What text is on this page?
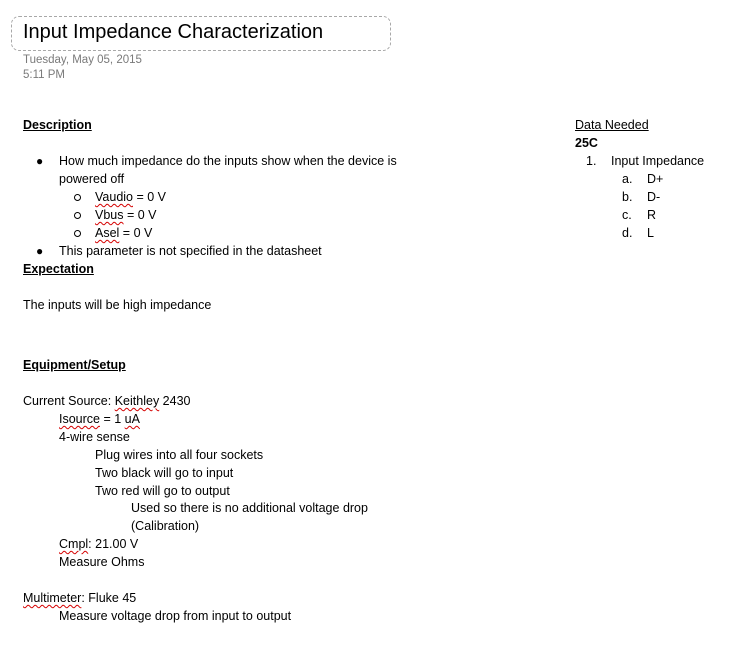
Input Impedance Characterization
Tuesday, May 05, 2015
5:11 PM
Description
● How much impedance do the inputs show when the device is
powered off
Vaudio = 0 V
Vbus = 0 V
Asel = 0 V
● This parameter is not specified in the datasheet
Expectation
The inputs will be high impedance
Equipment/Setup
Current Source: Keithley 2430
Isource = 1 uA
4-wire sense
Plug wires into all four sockets
Two black will go to input
Two red will go to output
Used so there is no additional voltage drop
(Calibration)
Cmpl: 21.00 V
Measure Ohms
Multimeter: Fluke 45
Measure voltage drop from input to output
Data Needed
25C
1. Input Impedance
a. D+
b. D-
c. R
d. L
